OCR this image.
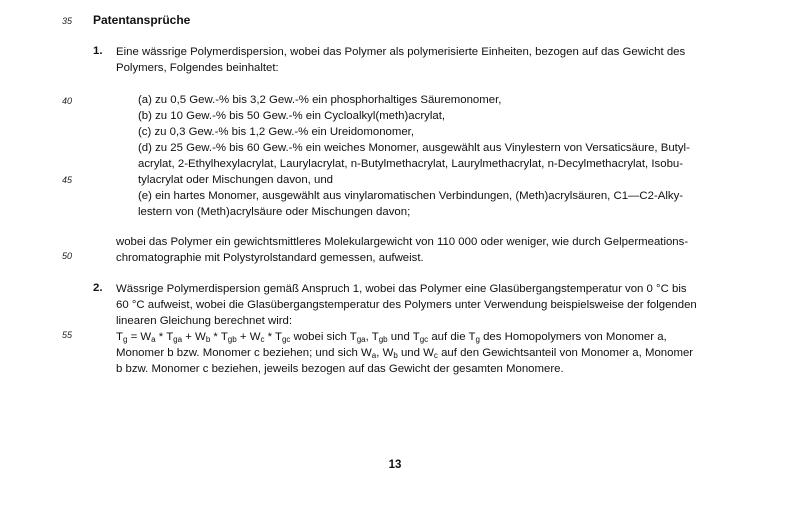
35
40
45
50
55
Patentansprüche
1. Eine wässrige Polymerdispersion, wobei das Polymer als polymerisierte Einheiten, bezogen auf das Gewicht des
Polymers, Folgendes beinhaltet:
(a) zu 0,5 Gew.-% bis 3,2 Gew.-% ein phosphorhaltiges Säuremonomer,
(b) zu 10 Gew.-% bis 50 Gew.-% ein Cycloalkyl(meth)acrylat,
(c) zu 0,3 Gew.-% bis 1,2 Gew.-% ein Ureidomonomer,
(d) zu 25 Gew.-% bis 60 Gew.-% ein weiches Monomer, ausgewählt aus Vinylestern von Versaticsäure, Butyl-
acrylat, 2-Ethylhexylacrylat, Laurylacrylat, n-Butylmethacrylat, Laurylmethacrylat, n-Decylmethacrylat, Isobu-
tylacrylat oder Mischungen davon, und
(e) ein hartes Monomer, ausgewählt aus vinylaromatischen Verbindungen, (Meth)acrylsäuren, C1—C2-Alky-
lestern von (Meth)acrylsäure oder Mischungen davon;
wobei das Polymer ein gewichtsmittleres Molekulargewicht von 110 000 oder weniger, wie durch Gelpermeations-
chromatographie mit Polystyrolstandard gemessen, aufweist.
2. Wässrige Polymerdispersion gemäß Anspruch 1, wobei das Polymer eine Glasübergangstemperatur von 0 °C bis
60 °C aufweist, wobei die Glasübergangstemperatur des Polymers unter Verwendung beispielsweise der folgenden
linearen Gleichung berechnet wird:
$T_g = W_a * T_{ga} + W_b * T_{gb} + W_c * T_{gc}$ wobei sich $T_{ga}$, $T_{gb}$ und $T_{gc}$ auf die $T_g$ des Homopolymers von Monomer a,
Monomer b bzw. Monomer c beziehen; und sich $W_a$, $W_b$ und $W_c$ auf den Gewichtsanteil von Monomer a, Monomer
b bzw. Monomer c beziehen, jeweils bezogen auf das Gewicht der gesamten Monomere.
13
